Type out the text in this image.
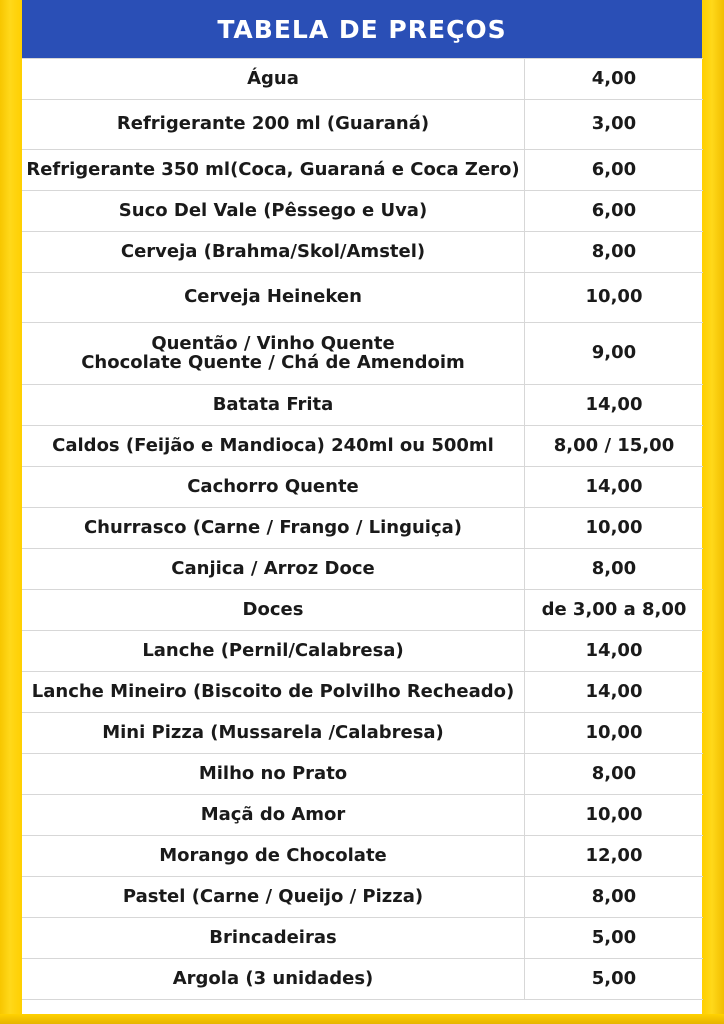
TABELA DE PREÇOS
Água	4,00
Refrigerante 200 ml (Guaraná)	3,00
Refrigerante 350 ml(Coca, Guaraná e Coca Zero)	6,00
Suco Del Vale (Pêssego e Uva)	6,00
Cerveja (Brahma/Skol/Amstel)	8,00
Cerveja Heineken	10,00

Quentão / Vinho Quente
Chocolate Quente / Chá de Amendoim	9,00
Batata Frita	14,00
Caldos (Feijão e Mandioca) 240ml ou 500ml	8,00 / 15,00
Cachorro Quente	14,00
Churrasco (Carne / Frango / Linguiça)	10,00
Canjica / Arroz Doce	8,00
Doces	de 3,00 a 8,00
Lanche (Pernil/Calabresa)	14,00
Lanche Mineiro (Biscoito de Polvilho Recheado)	14,00
Mini Pizza (Mussarela /Calabresa)	10,00
Milho no Prato	8,00
Maçã do Amor	10,00
Morango de Chocolate	12,00
Pastel (Carne / Queijo / Pizza)	8,00
Brincadeiras	5,00
Argola (3 unidades)	5,00
